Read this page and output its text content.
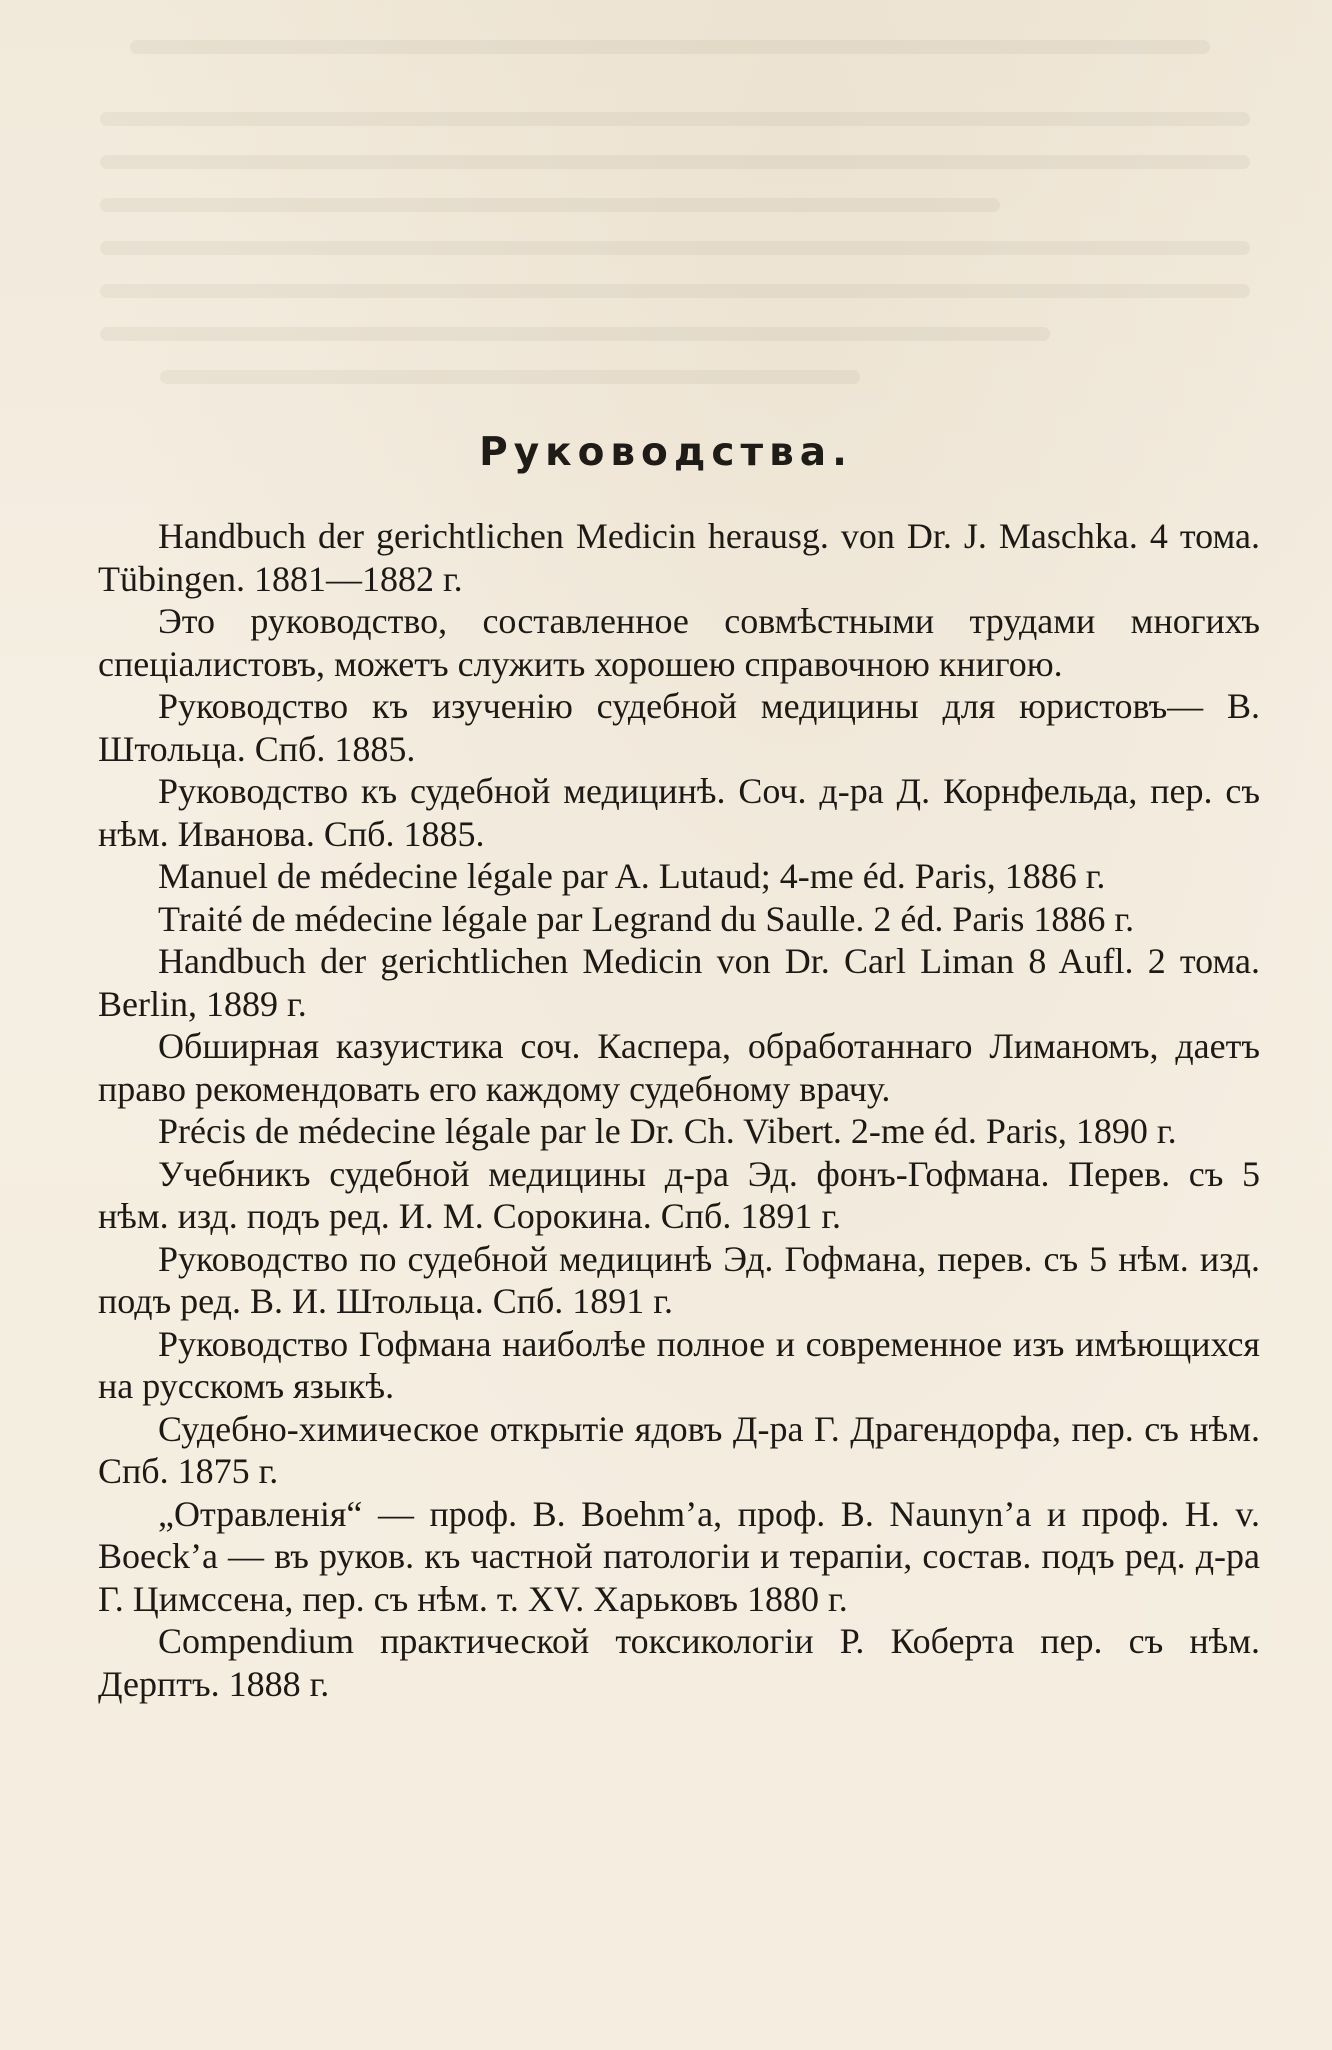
Руководства.

Handbuch der gerichtlichen Medicin herausg. von Dr. J. Maschka. 4 тома. Tübingen. 1881—1882 г.

Это руководство, составленное совмѣстными трудами многихъ спеціалистовъ, можетъ служить хорошею справочною книгою.

Руководство къ изученію судебной медицины для юристовъ— В. Штольца. Спб. 1885.

Руководство къ судебной медицинѣ. Соч. д-ра Д. Корнфельда, пер. съ нѣм. Иванова. Спб. 1885.

Manuel de médecine légale par A. Lutaud; 4-me éd. Paris, 1886 г.

Traité de médecine légale par Legrand du Saulle. 2 éd. Paris 1886 г.

Handbuch der gerichtlichen Medicin von Dr. Carl Liman 8 Aufl. 2 тома. Berlin, 1889 г.

Обширная казуистика соч. Каспера, обработаннаго Лиманомъ, даетъ право рекомендовать его каждому судебному врачу.

Précis de médecine légale par le Dr. Ch. Vibert. 2-me éd. Paris, 1890 г.

Учебникъ судебной медицины д-ра Эд. фонъ-Гофмана. Перев. съ 5 нѣм. изд. подъ ред. И. М. Сорокина. Спб. 1891 г.

Руководство по судебной медицинѣ Эд. Гофмана, перев. съ 5 нѣм. изд. подъ ред. В. И. Штольца. Спб. 1891 г.

Руководство Гофмана наиболѣе полное и современное изъ имѣющихся на русскомъ языкѣ.

Судебно-химическое открытіе ядовъ Д-ра Г. Драгендорфа, пер. съ нѣм. Спб. 1875 г.

„Отравленія“ — проф. B. Boehm’a, проф. B. Naunyn’a и проф. H. v. Boeck’a — въ руков. къ частной патологіи и терапіи, состав. подъ ред. д-ра Г. Цимссена, пер. съ нѣм. т. XV. Харьковъ 1880 г.

Compendium практической токсикологіи Р. Коберта пер. съ нѣм. Дерптъ. 1888 г.
